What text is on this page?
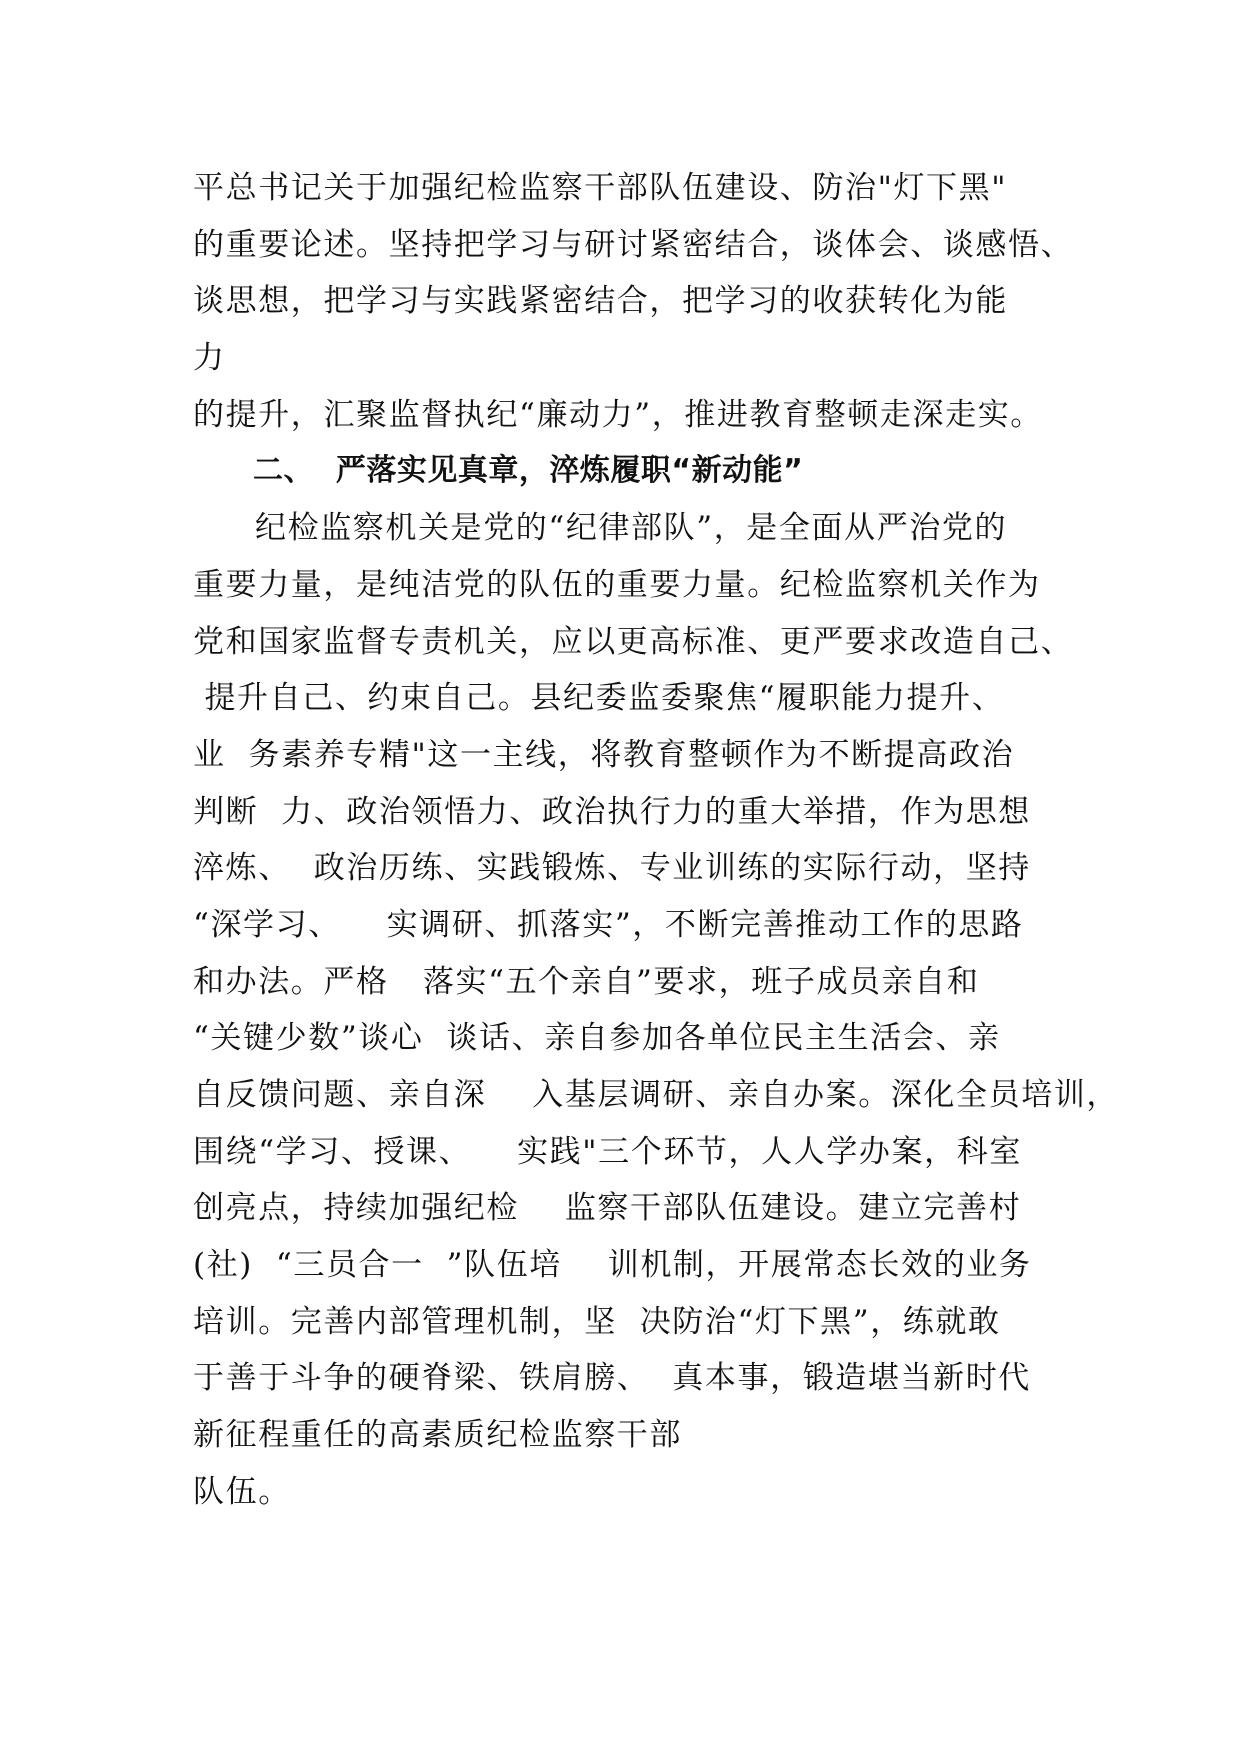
平总书记关于加强纪检监察干部队伍建设、防治"灯下黑"
的重要论述。坚持把学习与研讨紧密结合，谈体会、谈感悟、
谈思想，把学习与实践紧密结合，把学习的收获转化为能
力
的提升，汇聚监督执纪“廉动力”，推进教育整顿走深走实。
二、  严落实见真章，淬炼履职“新动能”
纪检监察机关是党的“纪律部队”，是全面从严治党的
重要力量，是纯洁党的队伍的重要力量。纪检监察机关作为
党和国家监督专责机关，应以更高标准、更严要求改造自己、
提升自己、约束自己。县纪委监委聚焦“履职能力提升、
业  务素养专精"这一主线，将教育整顿作为不断提高政治
判断  力、政治领悟力、政治执行力的重大举措，作为思想
淬炼、  政治历练、实践锻炼、专业训练的实际行动，坚持
“深学习、    实调研、抓落实”，不断完善推动工作的思路
和办法。严格   落实“五个亲自”要求，班子成员亲自和
“关键少数”谈心  谈话、亲自参加各单位民主生活会、亲
自反馈问题、亲自深    入基层调研、亲自办案。深化全员培训，
围绕“学习、授课、    实践"三个环节，人人学办案，科室
创亮点，持续加强纪检    监察干部队伍建设。建立完善村
(社)  “三员合一  ”队伍培    训机制，开展常态长效的业务
培训。完善内部管理机制，坚  决防治“灯下黑”，练就敢
于善于斗争的硬脊梁、铁肩膀、  真本事，锻造堪当新时代
新征程重任的高素质纪检监察干部
队伍。
